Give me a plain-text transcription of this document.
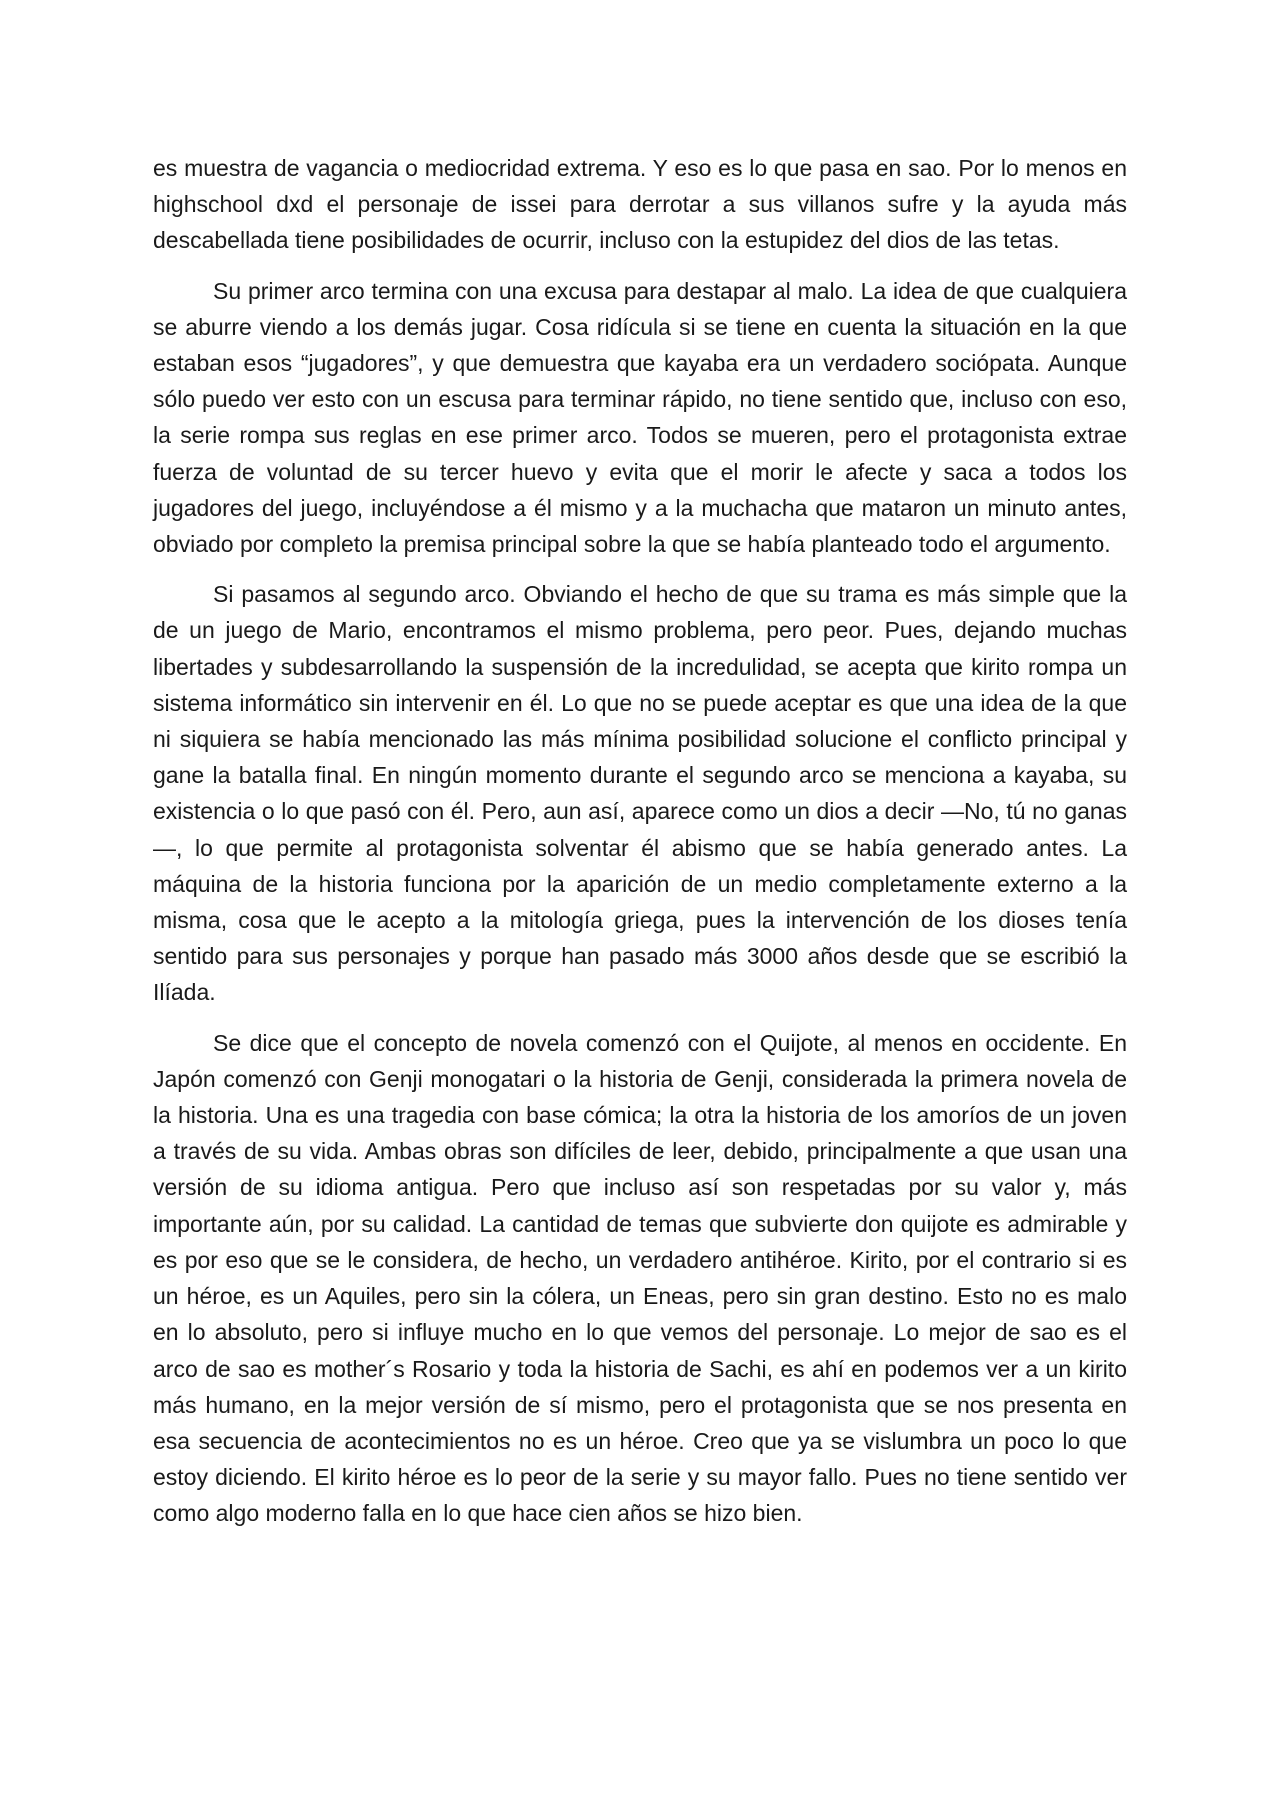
es muestra de vagancia o mediocridad extrema. Y eso es lo que pasa en sao. Por lo menos en highschool dxd el personaje de issei para derrotar a sus villanos sufre y la ayuda más descabellada tiene posibilidades de ocurrir, incluso con la estupidez del dios de las tetas.

Su primer arco termina con una excusa para destapar al malo. La idea de que cualquiera se aburre viendo a los demás jugar. Cosa ridícula si se tiene en cuenta la situación en la que estaban esos “jugadores”, y que demuestra que kayaba era un verdadero sociópata. Aunque sólo puedo ver esto con un escusa para terminar rápido, no tiene sentido que, incluso con eso, la serie rompa sus reglas en ese primer arco. Todos se mueren, pero el protagonista extrae fuerza de voluntad de su tercer huevo y evita que el morir le afecte y saca a todos los jugadores del juego, incluyéndose a él mismo y a la muchacha que mataron un minuto antes, obviado por completo la premisa principal sobre la que se había planteado todo el argumento.

Si pasamos al segundo arco. Obviando el hecho de que su trama es más simple que la de un juego de Mario, encontramos el mismo problema, pero peor. Pues, dejando muchas libertades y subdesarrollando la suspensión de la incredulidad, se acepta que kirito rompa un sistema informático sin intervenir en él. Lo que no se puede aceptar es que una idea de la que ni siquiera se había mencionado las más mínima posibilidad solucione el conflicto principal y gane la batalla final. En ningún momento durante el segundo arco se menciona a kayaba, su existencia o lo que pasó con él. Pero, aun así, aparece como un dios a decir —No, tú no ganas—, lo que permite al protagonista solventar él abismo que se había generado antes. La máquina de la historia funciona por la aparición de un medio completamente externo a la misma, cosa que le acepto a la mitología griega, pues la intervención de los dioses tenía sentido para sus personajes y porque han pasado más 3000 años desde que se escribió la Ilíada.

Se dice que el concepto de novela comenzó con el Quijote, al menos en occidente. En Japón comenzó con Genji monogatari o la historia de Genji, considerada la primera novela de la historia. Una es una tragedia con base cómica; la otra la historia de los amoríos de un joven a través de su vida. Ambas obras son difíciles de leer, debido, principalmente a que usan una versión de su idioma antigua. Pero que incluso así son respetadas por su valor y, más importante aún, por su calidad. La cantidad de temas que subvierte don quijote es admirable y es por eso que se le considera, de hecho, un verdadero antihéroe. Kirito, por el contrario si es un héroe, es un Aquiles, pero sin la cólera, un Eneas, pero sin gran destino. Esto no es malo en lo absoluto, pero si influye mucho en lo que vemos del personaje. Lo mejor de sao es el arco de sao es mother´s Rosario y toda la historia de Sachi, es ahí en podemos ver a un kirito más humano, en la mejor versión de sí mismo, pero el protagonista que se nos presenta en esa secuencia de acontecimientos no es un héroe. Creo que ya se vislumbra un poco lo que estoy diciendo. El kirito héroe es lo peor de la serie y su mayor fallo. Pues no tiene sentido ver como algo moderno falla en lo que hace cien años se hizo bien.
